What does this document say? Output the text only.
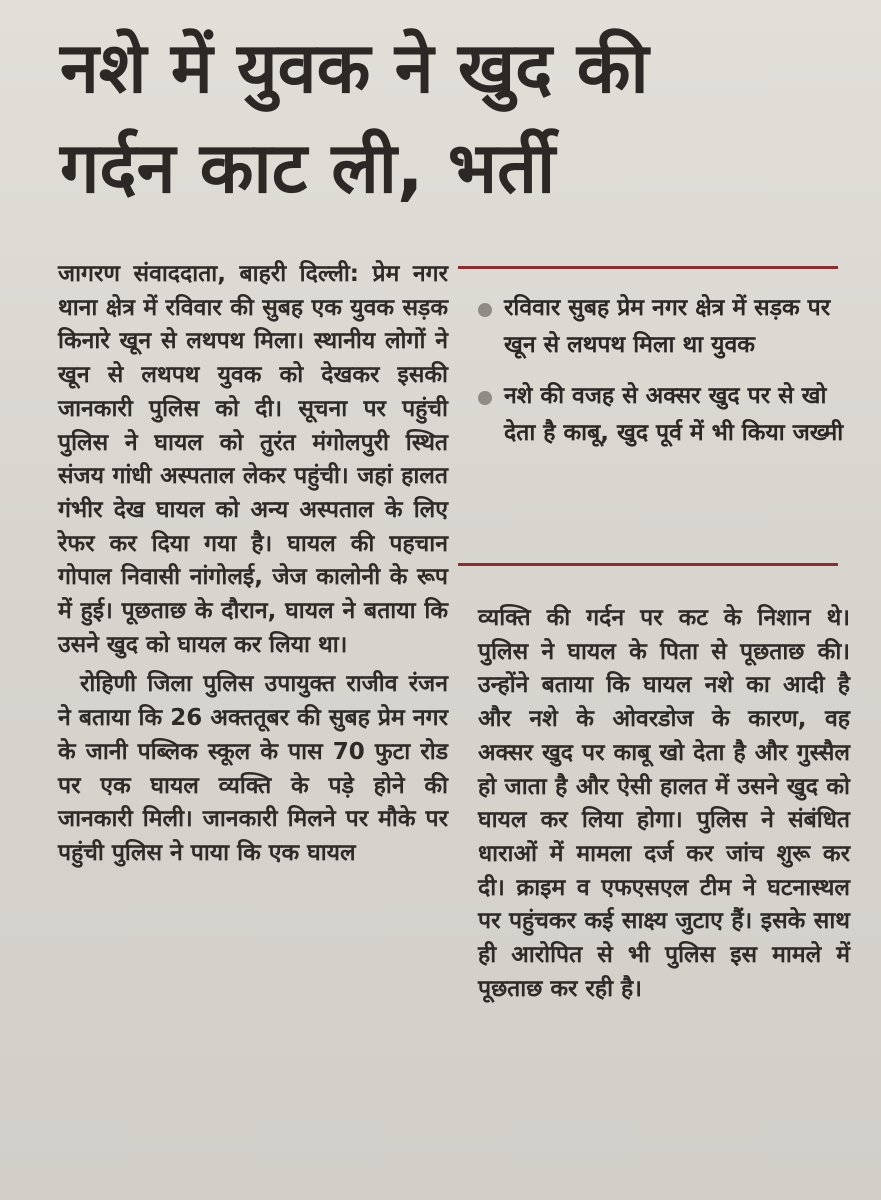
नशे में युवक ने खुद की
गर्दन काट ली, भर्ती

जागरण संवाददाता, बाहरी दिल्ली: प्रेम नगर थाना क्षेत्र में रविवार की सुबह एक युवक सड़क किनारे खून से लथपथ मिला। स्थानीय लोगों ने खून से लथपथ युवक को देखकर इसकी जानकारी पुलिस को दी। सूचना पर पहुंची पुलिस ने घायल को तुरंत मंगोलपुरी स्थित संजय गांधी अस्पताल लेकर पहुंची। जहां हालत गंभीर देख घायल को अन्य अस्पताल के लिए रेफर कर दिया गया है। घायल की पहचान गोपाल निवासी नांगोलई, जेज कालोनी के रूप में हुई। पूछताछ के दौरान, घायल ने बताया कि उसने खुद को घायल कर लिया था।

रोहिणी जिला पुलिस उपायुक्त राजीव रंजन ने बताया कि 26 अक्ततूबर की सुबह प्रेम नगर के जानी पब्लिक स्कूल के पास 70 फुटा रोड पर एक घायल व्यक्ति के पड़े होने की जानकारी मिली। जानकारी मिलने पर मौके पर पहुंची पुलिस ने पाया कि एक घायल

रविवार सुबह प्रेम नगर क्षेत्र में सड़क पर खून से लथपथ मिला था युवक
नशे की वजह से अक्सर खुद पर से खो देता है काबू, खुद पूर्व में भी किया जख्मी

व्यक्ति की गर्दन पर कट के निशान थे। पुलिस ने घायल के पिता से पूछताछ की। उन्होंने बताया कि घायल नशे का आदी है और नशे के ओवरडोज के कारण, वह अक्सर खुद पर काबू खो देता है और गुस्सैल हो जाता है और ऐसी हालत में उसने खुद को घायल कर लिया होगा। पुलिस ने संबंधित धाराओं में मामला दर्ज कर जांच शुरू कर दी। क्राइम व एफएसएल टीम ने घटनास्थल पर पहुंचकर कई साक्ष्य जुटाए हैं। इसके साथ ही आरोपित से भी पुलिस इस मामले में पूछताछ कर रही है।
